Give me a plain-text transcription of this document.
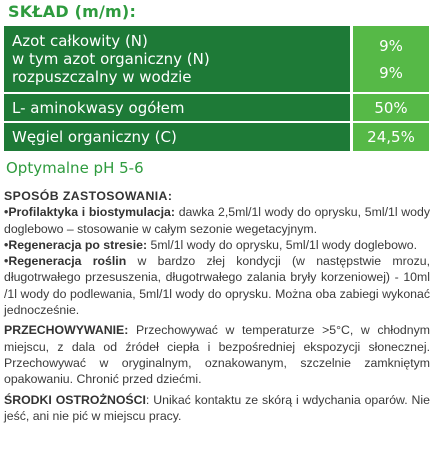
SKŁAD (m/m):
Azot całkowity (N)
w tym azot organiczny (N)
rozpuszczalny w wodzie
9%
9%
L- aminokwasy ogółem	50%
Węgiel organiczny (C)	24,5%
Optymalne pH 5-6

SPOSÓB ZASTOSOWANIA:

•Profilaktyka i biostymulacja: dawka 2,5ml/1l wody do oprysku, 5ml/1l wody doglebowo – stosowanie w całym sezonie wegetacyjnym.

•Regeneracja po stresie: 5ml/1l wody do oprysku, 5ml/1l wody doglebowo.

•Regeneracja roślin w bardzo złej kondycji (w następstwie mrozu, długotrwałego przesuszenia, długotrwałego zalania bryły korzeniowej) - 10ml /1l wody do podlewania, 5ml/1l wody do oprysku. Można oba zabiegi wykonać jednocześnie.

PRZECHOWYWANIE: Przechowywać w temperaturze >5°C, w chłodnym miejscu, z dala od źródeł ciepła i bezpośredniej ekspozycji słonecznej. Przechowywać w oryginalnym, oznakowanym, szczelnie zamkniętym opakowaniu. Chronić przed dziećmi.

ŚRODKI OSTROŻNOŚCI: Unikać kontaktu ze skórą i wdychania oparów. Nie jeść, ani nie pić w miejscu pracy.
